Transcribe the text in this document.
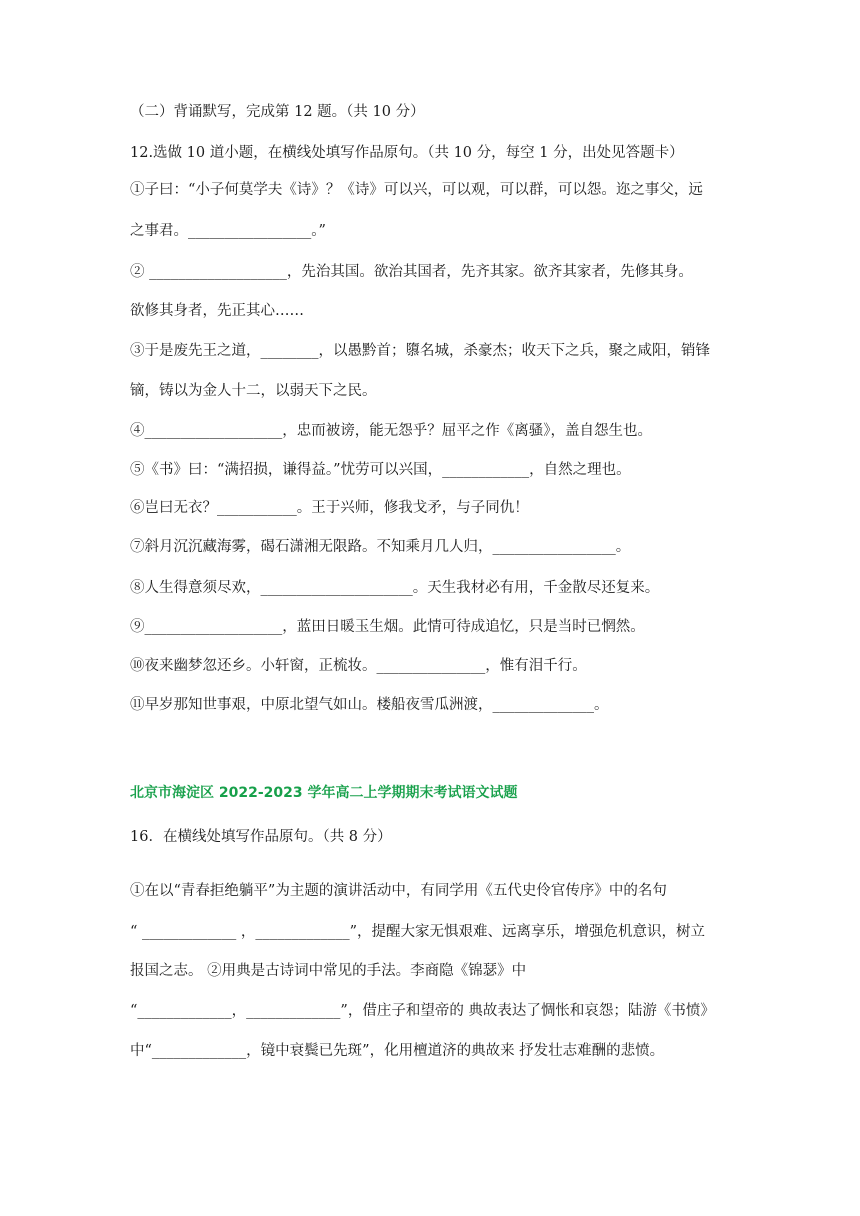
（二）背诵默写，完成第 12 题。（共 10 分）
12.选做 10 道小题，在横线处填写作品原句。（共 10 分，每空 1 分，出处见答题卡）
①子曰：“小子何莫学夫《诗》？《诗》可以兴，可以观，可以群，可以怨。迩之事父，远
之事君。_________________。”
② ___________________，先治其国。欲治其国者，先齐其家。欲齐其家者，先修其身。
欲修其身者，先正其心……
③于是废先王之道，________，以愚黔首；隳名城，杀豪杰；收天下之兵，聚之咸阳，销锋
镝，铸以为金人十二，以弱天下之民。
④___________________，忠而被谤，能无怨乎？屈平之作《离骚》，盖自怨生也。
⑤《书》曰：“满招损，谦得益。”忧劳可以兴国，____________，自然之理也。
⑥岂曰无衣？___________。王于兴师，修我戈矛，与子同仇！
⑦斜月沉沉藏海雾，碣石潇湘无限路。不知乘月几人归，_________________。
⑧人生得意须尽欢，_____________________。天生我材必有用，千金散尽还复来。
⑨___________________，蓝田日暖玉生烟。此情可待成追忆，只是当时已惘然。
⑩夜来幽梦忽还乡。小轩窗，正梳妆。_______________，惟有泪千行。
⑪早岁那知世事艰，中原北望气如山。楼船夜雪瓜洲渡，______________。
北京市海淀区 2022-2023 学年高二上学期期末考试语文试题
16．在横线处填写作品原句。（共 8 分）
①在以“青春拒绝躺平”为主题的演讲活动中，有同学用《五代史伶官传序》中的名句
“ _____________ ，_____________”，提醒大家无惧艰难、远离享乐，增强危机意识，树立
报国之志。 ②用典是古诗词中常见的手法。李商隐《锦瑟》中
“_____________，_____________”，借庄子和望帝的 典故表达了惆怅和哀怨；陆游《书愤》
中“_____________，镜中衰鬓已先斑”，化用檀道济的典故来 抒发壮志难酬的悲愤。
